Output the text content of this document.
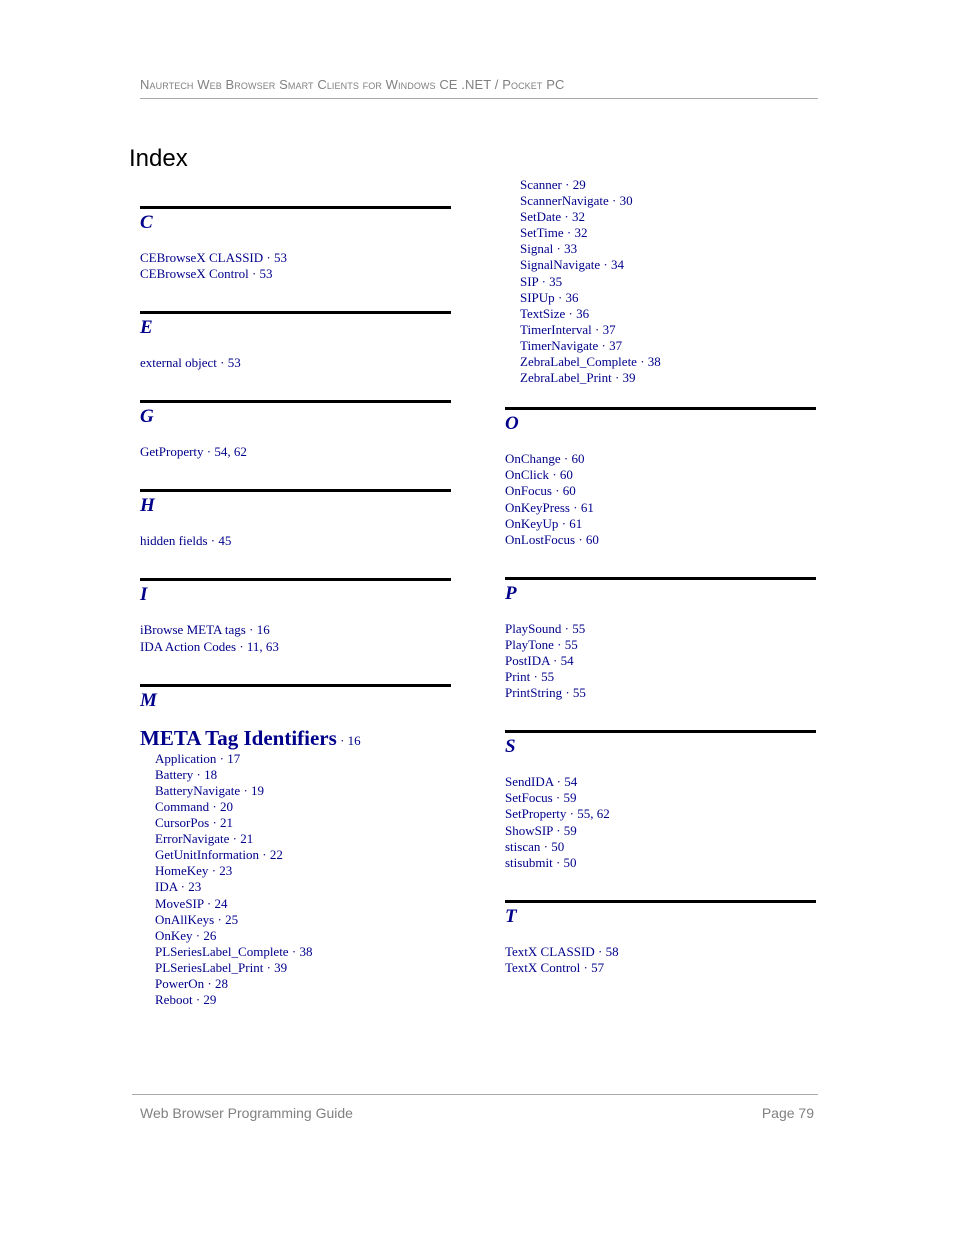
Naurtech Web Browser Smart Clients for Windows CE .NET / Pocket PC
Index
C
CEBrowseX CLASSID · 53
CEBrowseX Control · 53
E
external object · 53
G
GetProperty · 54, 62
H
hidden fields · 45
I
iBrowse META tags · 16
IDA Action Codes · 11, 63
M
META Tag Identifiers · 16
Application · 17
Battery · 18
BatteryNavigate · 19
Command · 20
CursorPos · 21
ErrorNavigate · 21
GetUnitInformation · 22
HomeKey · 23
IDA · 23
MoveSIP · 24
OnAllKeys · 25
OnKey · 26
PLSeriesLabel_Complete · 38
PLSeriesLabel_Print · 39
PowerOn · 28
Reboot · 29
Scanner · 29
ScannerNavigate · 30
SetDate · 32
SetTime · 32
Signal · 33
SignalNavigate · 34
SIP · 35
SIPUp · 36
TextSize · 36
TimerInterval · 37
TimerNavigate · 37
ZebraLabel_Complete · 38
ZebraLabel_Print · 39
O
OnChange · 60
OnClick · 60
OnFocus · 60
OnKeyPress · 61
OnKeyUp · 61
OnLostFocus · 60
P
PlaySound · 55
PlayTone · 55
PostIDA · 54
Print · 55
PrintString · 55
S
SendIDA · 54
SetFocus · 59
SetProperty · 55, 62
ShowSIP · 59
stiscan · 50
stisubmit · 50
T
TextX CLASSID · 58
TextX Control · 57
Web Browser Programming Guide	Page 79
